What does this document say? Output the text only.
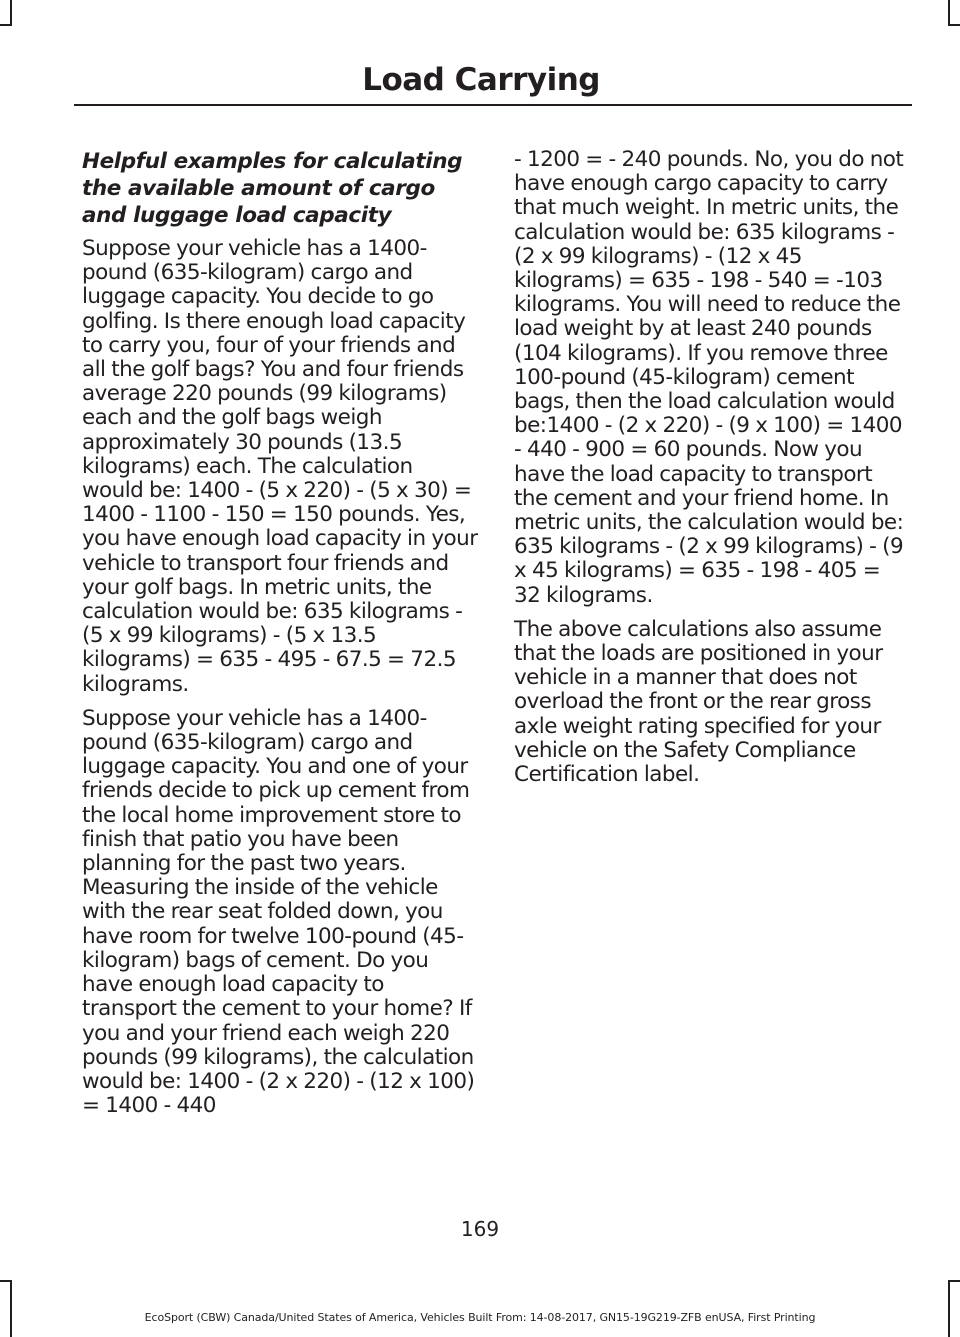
Load Carrying
Helpful examples for calculating the available amount of cargo and luggage load capacity

Suppose your vehicle has a 1400-pound (635-kilogram) cargo and luggage capacity. You decide to go golfing. Is there enough load capacity to carry you, four of your friends and all the golf bags? You and four friends average 220 pounds (99 kilograms) each and the golf bags weigh approximately 30 pounds (13.5 kilograms) each. The calculation would be: 1400 - (5 x 220) - (5 x 30) = 1400 - 1100 - 150 = 150 pounds. Yes, you have enough load capacity in your vehicle to transport four friends and your golf bags. In metric units, the calculation would be: 635 kilograms - (5 x 99 kilograms) - (5 x 13.5 kilograms) = 635 - 495 - 67.5 = 72.5 kilograms.

Suppose your vehicle has a 1400-pound (635-kilogram) cargo and luggage capacity. You and one of your friends decide to pick up cement from the local home improvement store to finish that patio you have been planning for the past two years. Measuring the inside of the vehicle with the rear seat folded down, you have room for twelve 100-pound (45-kilogram) bags of cement. Do you have enough load capacity to transport the cement to your home? If you and your friend each weigh 220 pounds (99 kilograms), the calculation would be: 1400 - (2 x 220) - (12 x 100) = 1400 - 440

- 1200 = - 240 pounds. No, you do not have enough cargo capacity to carry that much weight. In metric units, the calculation would be: 635 kilograms - (2 x 99 kilograms) - (12 x 45 kilograms) = 635 - 198 - 540 = -103 kilograms. You will need to reduce the load weight by at least 240 pounds (104 kilograms). If you remove three 100-pound (45-kilogram) cement bags, then the load calculation would be:1400 - (2 x 220) - (9 x 100) = 1400 - 440 - 900 = 60 pounds. Now you have the load capacity to transport the cement and your friend home. In metric units, the calculation would be: 635 kilograms - (2 x 99 kilograms) - (9 x 45 kilograms) = 635 - 198 - 405 = 32 kilograms.

The above calculations also assume that the loads are positioned in your vehicle in a manner that does not overload the front or the rear gross axle weight rating specified for your vehicle on the Safety Compliance Certification label.

169
EcoSport (CBW) Canada/United States of America, Vehicles Built From: 14-08-2017, GN15-19G219-ZFB enUSA, First Printing
